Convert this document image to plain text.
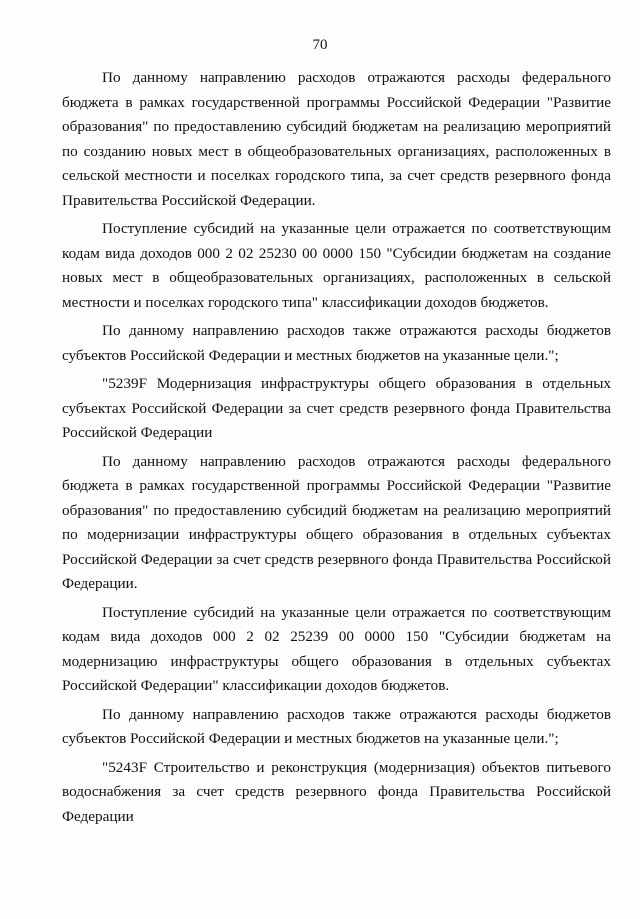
70

По данному направлению расходов отражаются расходы федерального бюджета в рамках государственной программы Российской Федерации "Развитие образования" по предоставлению субсидий бюджетам на реализацию мероприятий по созданию новых мест в общеобразовательных организациях, расположенных в сельской местности и поселках городского типа, за счет средств резервного фонда Правительства Российской Федерации.

Поступление субсидий на указанные цели отражается по соответствующим кодам вида доходов 000 2 02 25230 00 0000 150 "Субсидии бюджетам на создание новых мест в общеобразовательных организациях, расположенных в сельской местности и поселках городского типа" классификации доходов бюджетов.

По данному направлению расходов также отражаются расходы бюджетов субъектов Российской Федерации и местных бюджетов на указанные цели.";

"5239F Модернизация инфраструктуры общего образования в отдельных субъектах Российской Федерации за счет средств резервного фонда Правительства Российской Федерации

По данному направлению расходов отражаются расходы федерального бюджета в рамках государственной программы Российской Федерации "Развитие образования" по предоставлению субсидий бюджетам на реализацию мероприятий по модернизации инфраструктуры общего образования в отдельных субъектах Российской Федерации за счет средств резервного фонда Правительства Российской Федерации.

Поступление субсидий на указанные цели отражается по соответствующим кодам вида доходов 000 2 02 25239 00 0000 150 "Субсидии бюджетам на модернизацию инфраструктуры общего образования в отдельных субъектах Российской Федерации" классификации доходов бюджетов.

По данному направлению расходов также отражаются расходы бюджетов субъектов Российской Федерации и местных бюджетов на указанные цели.";

"5243F Строительство и реконструкция (модернизация) объектов питьевого водоснабжения за счет средств резервного фонда Правительства Российской Федерации
